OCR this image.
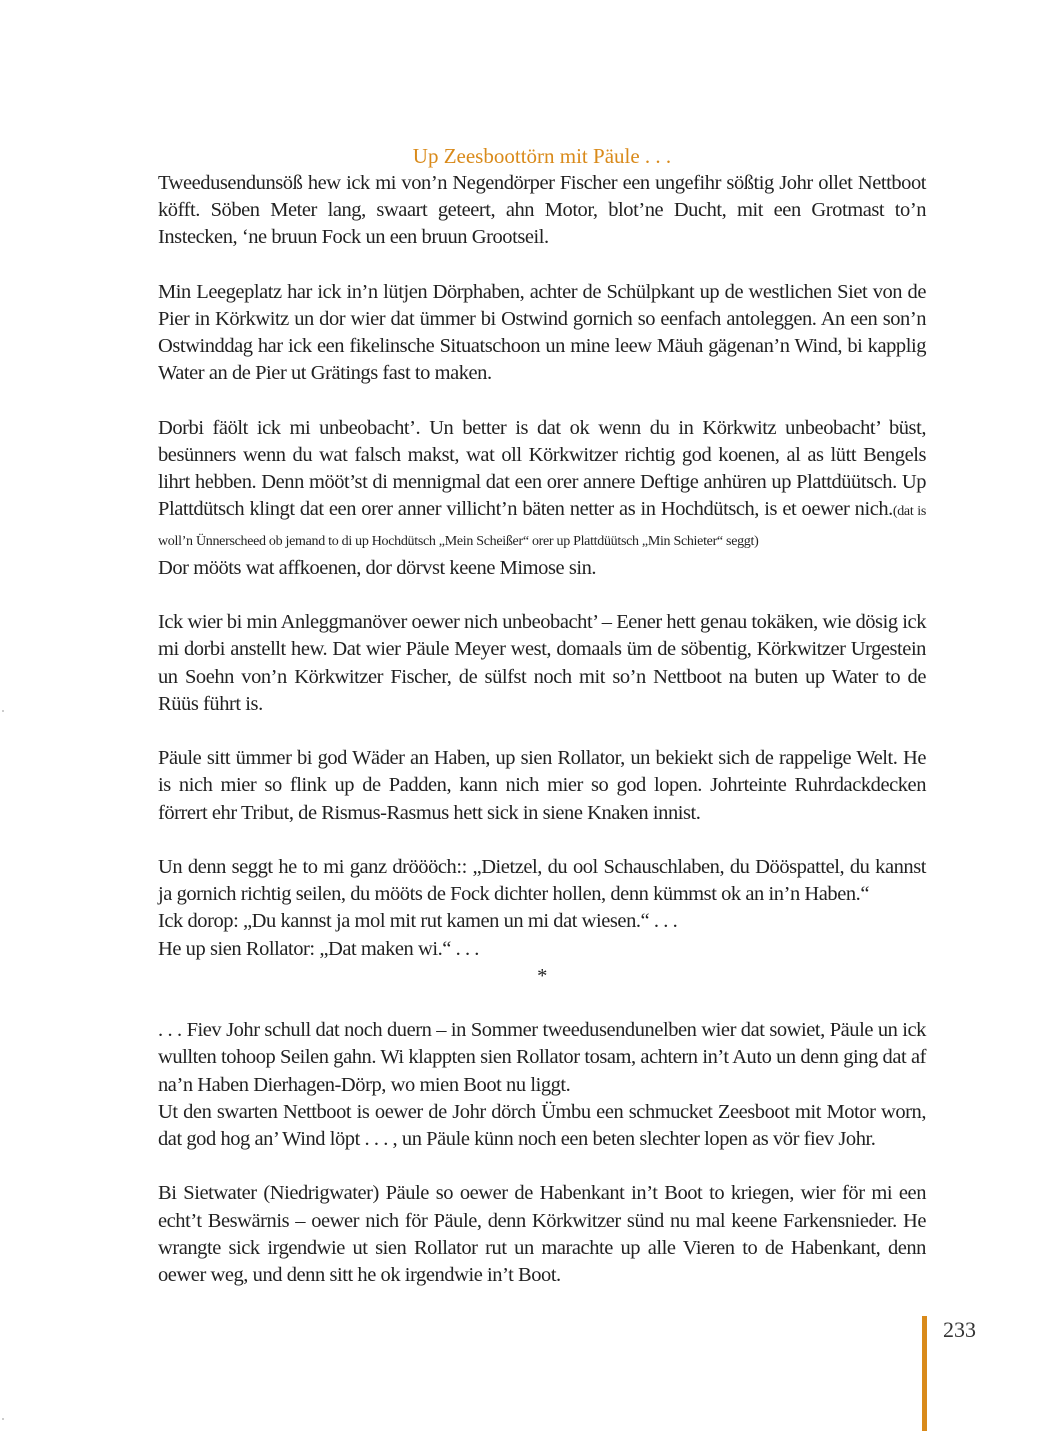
Up Zeesboottörn mit Päule . . .

Tweedusendunsöß hew ick mi von’n Negendörper Fischer een ungefihr sößtig Johr ollet Nettboot köfft. Söben Meter lang, swaart geteert, ahn Motor, blot’ne Ducht, mit een Grotmast to’n Instecken, ‘ne bruun Fock un een bruun Grootseil.

Min Leegeplatz har ick in’n lütjen Dörphaben, achter de Schülpkant up de westlichen Siet von de Pier in Körkwitz un dor wier dat ümmer bi Ostwind gornich so eenfach antoleggen. An een son’n Ostwinddag har ick een fikelinsche Situatschoon un mine leew Mäuh gägenan’n Wind, bi kapplig Water an de Pier ut Grätings fast to maken.

Dorbi fäölt ick mi unbeobacht’. Un better is dat ok wenn du in Körkwitz unbeobacht’ büst, besünners wenn du wat falsch makst, wat oll Körkwitzer richtig god koenen, al as lütt Bengels lihrt hebben. Denn mööt’st di mennigmal dat een orer annere Deftige anhüren up Plattdüütsch. Up Plattdütsch klingt dat een orer anner villicht’n bäten netter as in Hochdütsch, is et oewer nich.(dat is woll’n Ünnerscheed ob jemand to di up Hochdütsch „Mein Scheißer“ orer up Plattdüütsch „Min Schieter“ seggt)

Dor mööts wat affkoenen, dor dörvst keene Mimose sin.

Ick wier bi min Anleggmanöver oewer nich unbeobacht’ – Eener hett genau tokäken, wie dösig ick mi dorbi anstellt hew. Dat wier Päule Meyer west, domaals üm de söbentig, Körkwitzer Urgestein un Soehn von’n Körkwitzer Fischer, de sülfst noch mit so’n Nettboot na buten up Water to de Rüüs führt is.

Päule sitt ümmer bi god Wäder an Haben, up sien Rollator, un bekiekt sich de rappelige Welt. He is nich mier so flink up de Padden, kann nich mier so god lopen. Johrteinte Ruhrdackdecken förrert ehr Tribut, de Rismus-Rasmus hett sick in siene Knaken innist.

Un denn seggt he to mi ganz dröööch:: „Dietzel, du ool Schauschlaben, du Dööspattel, du kannst ja gornich richtig seilen, du mööts de Fock dichter hollen, denn kümmst ok an in’n Haben.“

Ick dorop: „Du kannst ja mol mit rut kamen un mi dat wiesen.“ . . .

He up sien Rollator: „Dat maken wi.“ . . .

*

. . . Fiev Johr schull dat noch duern – in Sommer tweedusendunelben wier dat sowiet, Päule un ick wullten tohoop Seilen gahn. Wi klappten sien Rollator tosam, achtern in’t Auto un denn ging dat af na’n Haben Dierhagen-Dörp, wo mien Boot nu liggt.

Ut den swarten Nettboot is oewer de Johr dörch Ümbu een schmucket Zeesboot mit Motor worn, dat god hog an’ Wind löpt . . . , un Päule künn noch een beten slechter lopen as vör fiev Johr.

Bi Sietwater (Niedrigwater) Päule so oewer de Habenkant in’t Boot to kriegen, wier för mi een echt’t Beswärnis – oewer nich för Päule, denn Körkwitzer sünd nu mal keene Farkensnieder. He wrangte sick irgendwie ut sien Rollator rut un marachte up alle Vieren to de Habenkant, denn oewer weg, und denn sitt he ok irgendwie in’t Boot.

233
